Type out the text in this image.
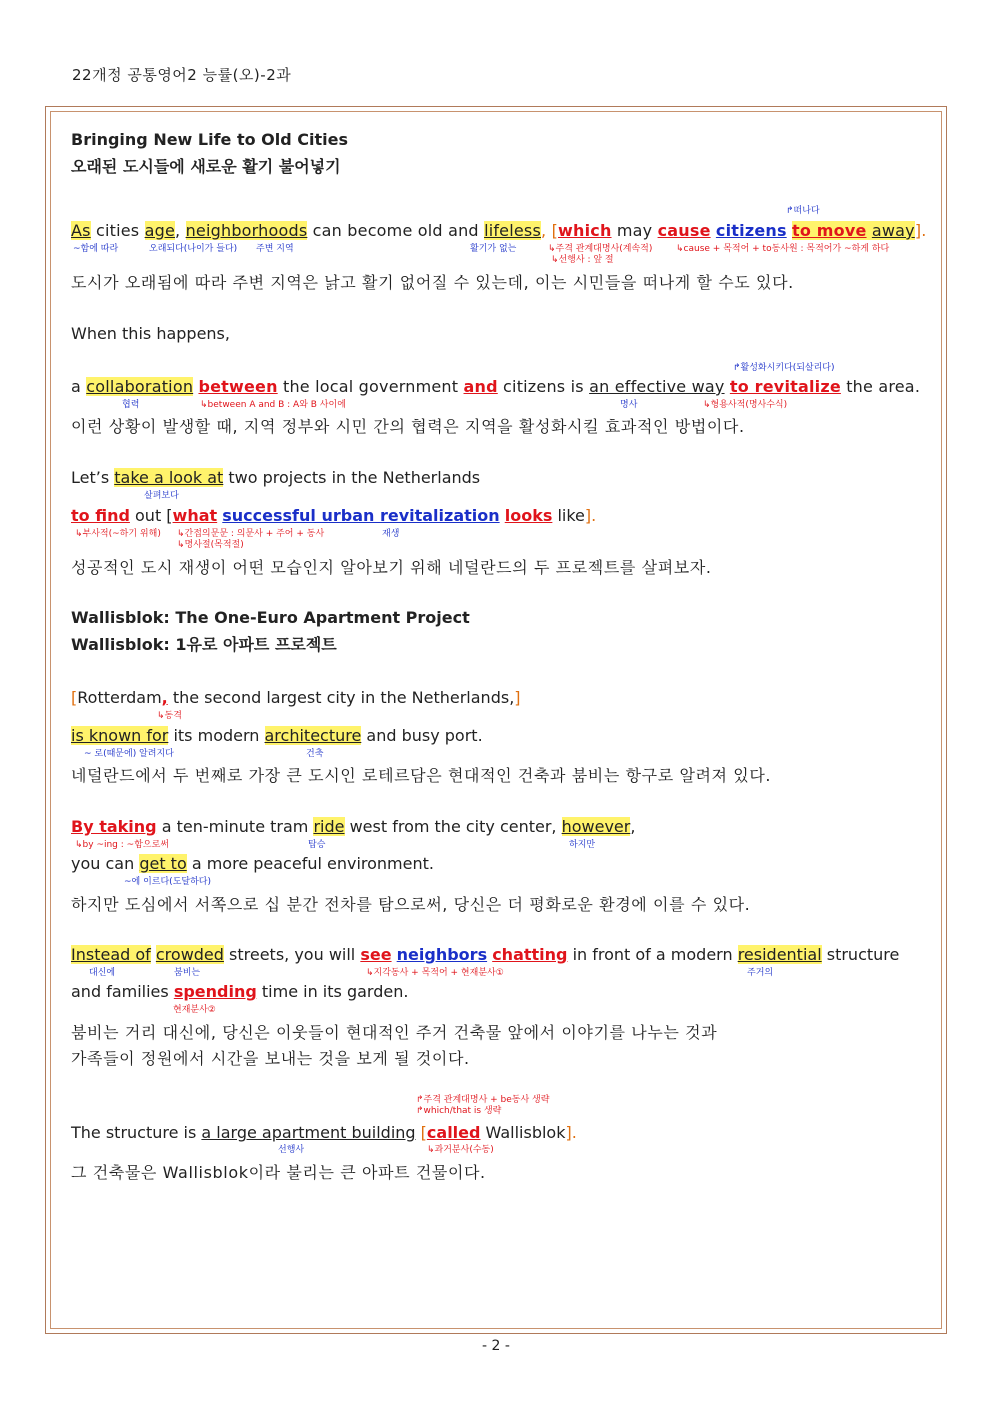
22개정 공통영어2 능률(오)-2과
Bringing New Life to Old Cities
오래된 도시들에 새로운 활기 불어넣기
↱떠나다
As cities age, neighborhoods can become old and lifeless, [which may cause citizens to move away].
~함에 따라	오래되다(나이가 들다) 주변 지역	활기가 없는	↳주격 관계대명사(계속적)	↳cause + 목적어 + to동사원 : 목적어가 ~하게 하다
↳선행사 : 앞 절
도시가 오래됨에 따라 주변 지역은 낡고 활기 없어질 수 있는데, 이는 시민들을 떠나게 할 수도 있다.
When this happens,
↱활성화시키다(되살리다)
a collaboration between the local government and citizens is an effective way to revitalize the area.
협력	↳between A and B : A와 B 사이에	명사	↳형용사적(명사수식)
이런 상황이 발생할 때, 지역 정부와 시민 간의 협력은 지역을 활성화시킬 효과적인 방법이다.
Let’s take a look at two projects in the Netherlands
살펴보다
to find out [what successful urban revitalization looks like].
↳부사적(~하기 위해) ↳간접의문문 : 의문사 + 주어 + 동사	재생
↳명사절(목적절)
성공적인 도시 재생이 어떤 모습인지 알아보기 위해 네덜란드의 두 프로젝트를 살펴보자.
Wallisblok: The One-Euro Apartment Project
Wallisblok: 1유로 아파트 프로젝트
[Rotterdam, the second largest city in the Netherlands,]
↳동격
is known for its modern architecture and busy port.
~ 로(때문에) 알려지다	건축
네덜란드에서 두 번째로 가장 큰 도시인 로테르담은 현대적인 건축과 붐비는 항구로 알려져 있다.
By taking a ten-minute tram ride west from the city center, however,
↳by ~ing : ~함으로써	탑승	하지만
you can get to a more peaceful environment.
~에 이르다(도달하다)
하지만 도심에서 서쪽으로 십 분간 전차를 탐으로써, 당신은 더 평화로운 환경에 이를 수 있다.
Instead of crowded streets, you will see neighbors chatting in front of a modern residential structure
대신에	붐비는	↳지각동사 + 목적어 + 현재분사①	주거의
and families spending time in its garden.
현재분사②
붐비는 거리 대신에, 당신은 이웃들이 현대적인 주거 건축물 앞에서 이야기를 나누는 것과
가족들이 정원에서 시간을 보내는 것을 보게 될 것이다.
↱주격 관계대명사 + be동사 생략
↱which/that is 생략
The structure is a large apartment building [called Wallisblok].
선행사	↳과거분사(수동)
그 건축물은 Wallisblok이라 불리는 큰 아파트 건물이다.
- 2 -
